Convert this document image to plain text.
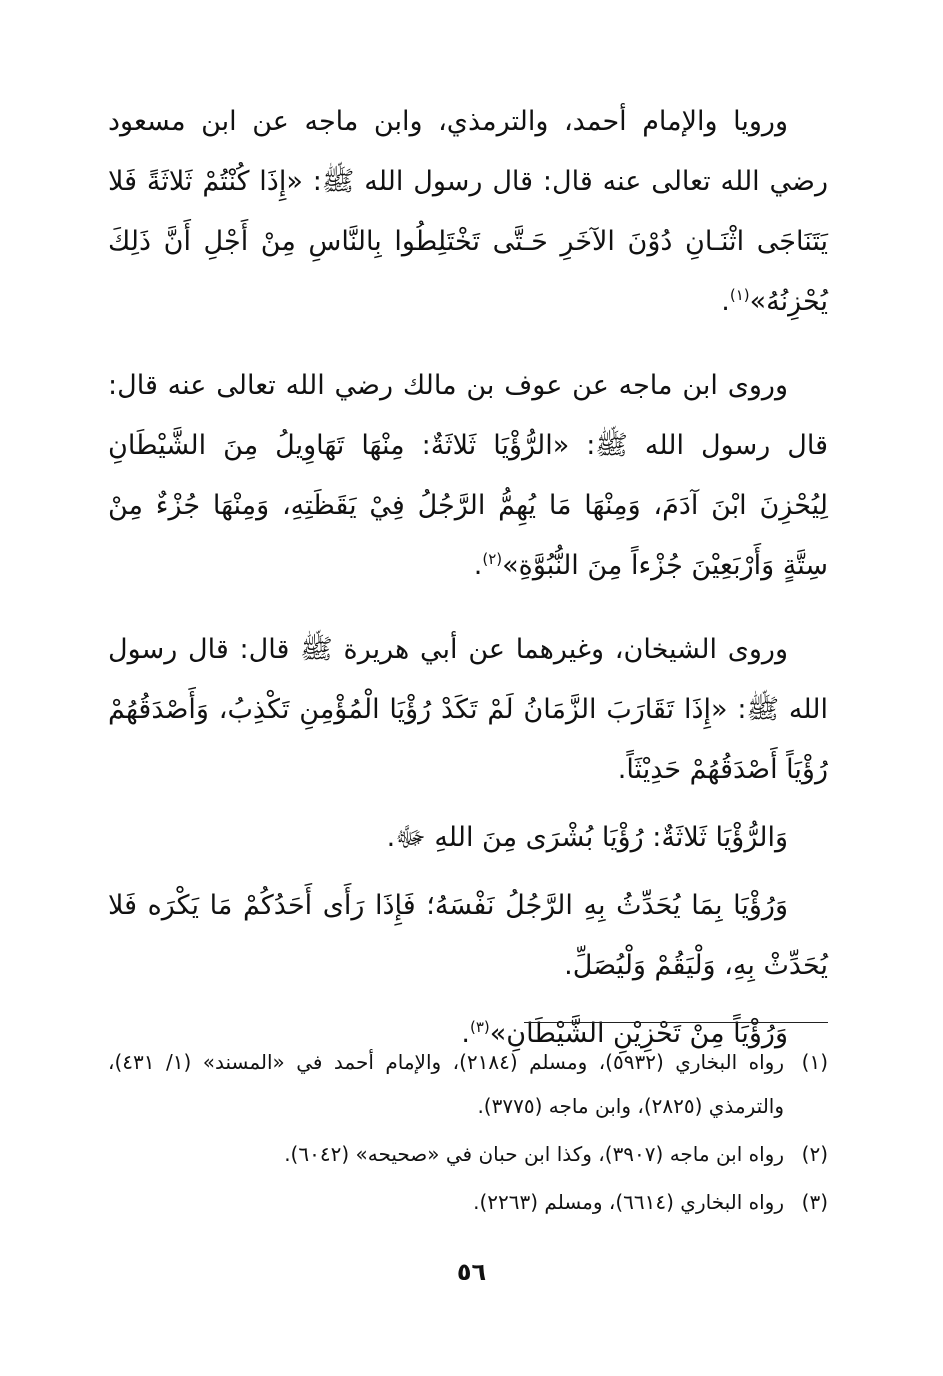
ورويا والإمام أحمد، والترمذي، وابن ماجه عن ابن مسعود رضي الله تعالى عنه قال: قال رسول الله ﷺ: «إِذَا كُنْتُمْ ثَلاثَةً فَلا يَتَنَاجَى اثْنَـانِ دُوْنَ الآخَرِ حَـتَّى تَخْتَلِطُوا بِالنَّاسِ مِنْ أَجْلِ أَنَّ ذَلِكَ يُحْزِنُهُ»$^{(١)}$.

وروى ابن ماجه عن عوف بن مالك رضي الله تعالى عنه قال: قال رسول الله ﷺ: «الرُّؤْيَا ثَلاثَةٌ: مِنْهَا تَهَاوِيلُ مِنَ الشَّيْطَانِ لِيُحْزِنَ ابْنَ آدَمَ، وَمِنْهَا مَا يُهِمُّ الرَّجُلُ فِيْ يَقَظَتِهِ، وَمِنْهَا جُزْءٌ مِنْ سِتَّةٍ وَأَرْبَعِيْنَ جُزْءاً مِنَ النُّبُوَّةِ»$^{(٢)}$.

وروى الشيخان، وغيرهما عن أبي هريرة ﷺ قال: قال رسول الله ﷺ: «إِذَا تَقَارَبَ الزَّمَانُ لَمْ تَكَدْ رُؤْيَا الْمُؤْمِنِ تَكْذِبُ، وَأَصْدَقُهُمْ رُؤْيَاً أَصْدَقُهُمْ حَدِيْثَاً.

وَالرُّؤْيَا ثَلاثَةٌ: رُؤْيَا بُشْرَى مِنَ اللهِ ﷻ.

وَرُؤْيَا بِمَا يُحَدِّثُ بِهِ الرَّجُلُ نَفْسَهُ؛ فَإِذَا رَأَى أَحَدُكُمْ مَا يَكْرَه فَلا يُحَدِّثْ بِهِ، وَلْيَقُمْ وَلْيُصَلِّ.

وَرُؤْيَاً مِنْ تَحْزِيْنِ الشَّيْطَانِ»$^{(٣)}$.

(١)
رواه البخاري (٥٩٣٢)، ومسلم (٢١٨٤)، والإمام أحمد في «المسند» (١/ ٤٣١)، والترمذي (٢٨٢٥)، وابن ماجه (٣٧٧٥).
(٢)
رواه ابن ماجه (٣٩٠٧)، وكذا ابن حبان في «صحيحه» (٦٠٤٢).
(٣)
رواه البخاري (٦٦١٤)، ومسلم (٢٢٦٣).
٥٦
